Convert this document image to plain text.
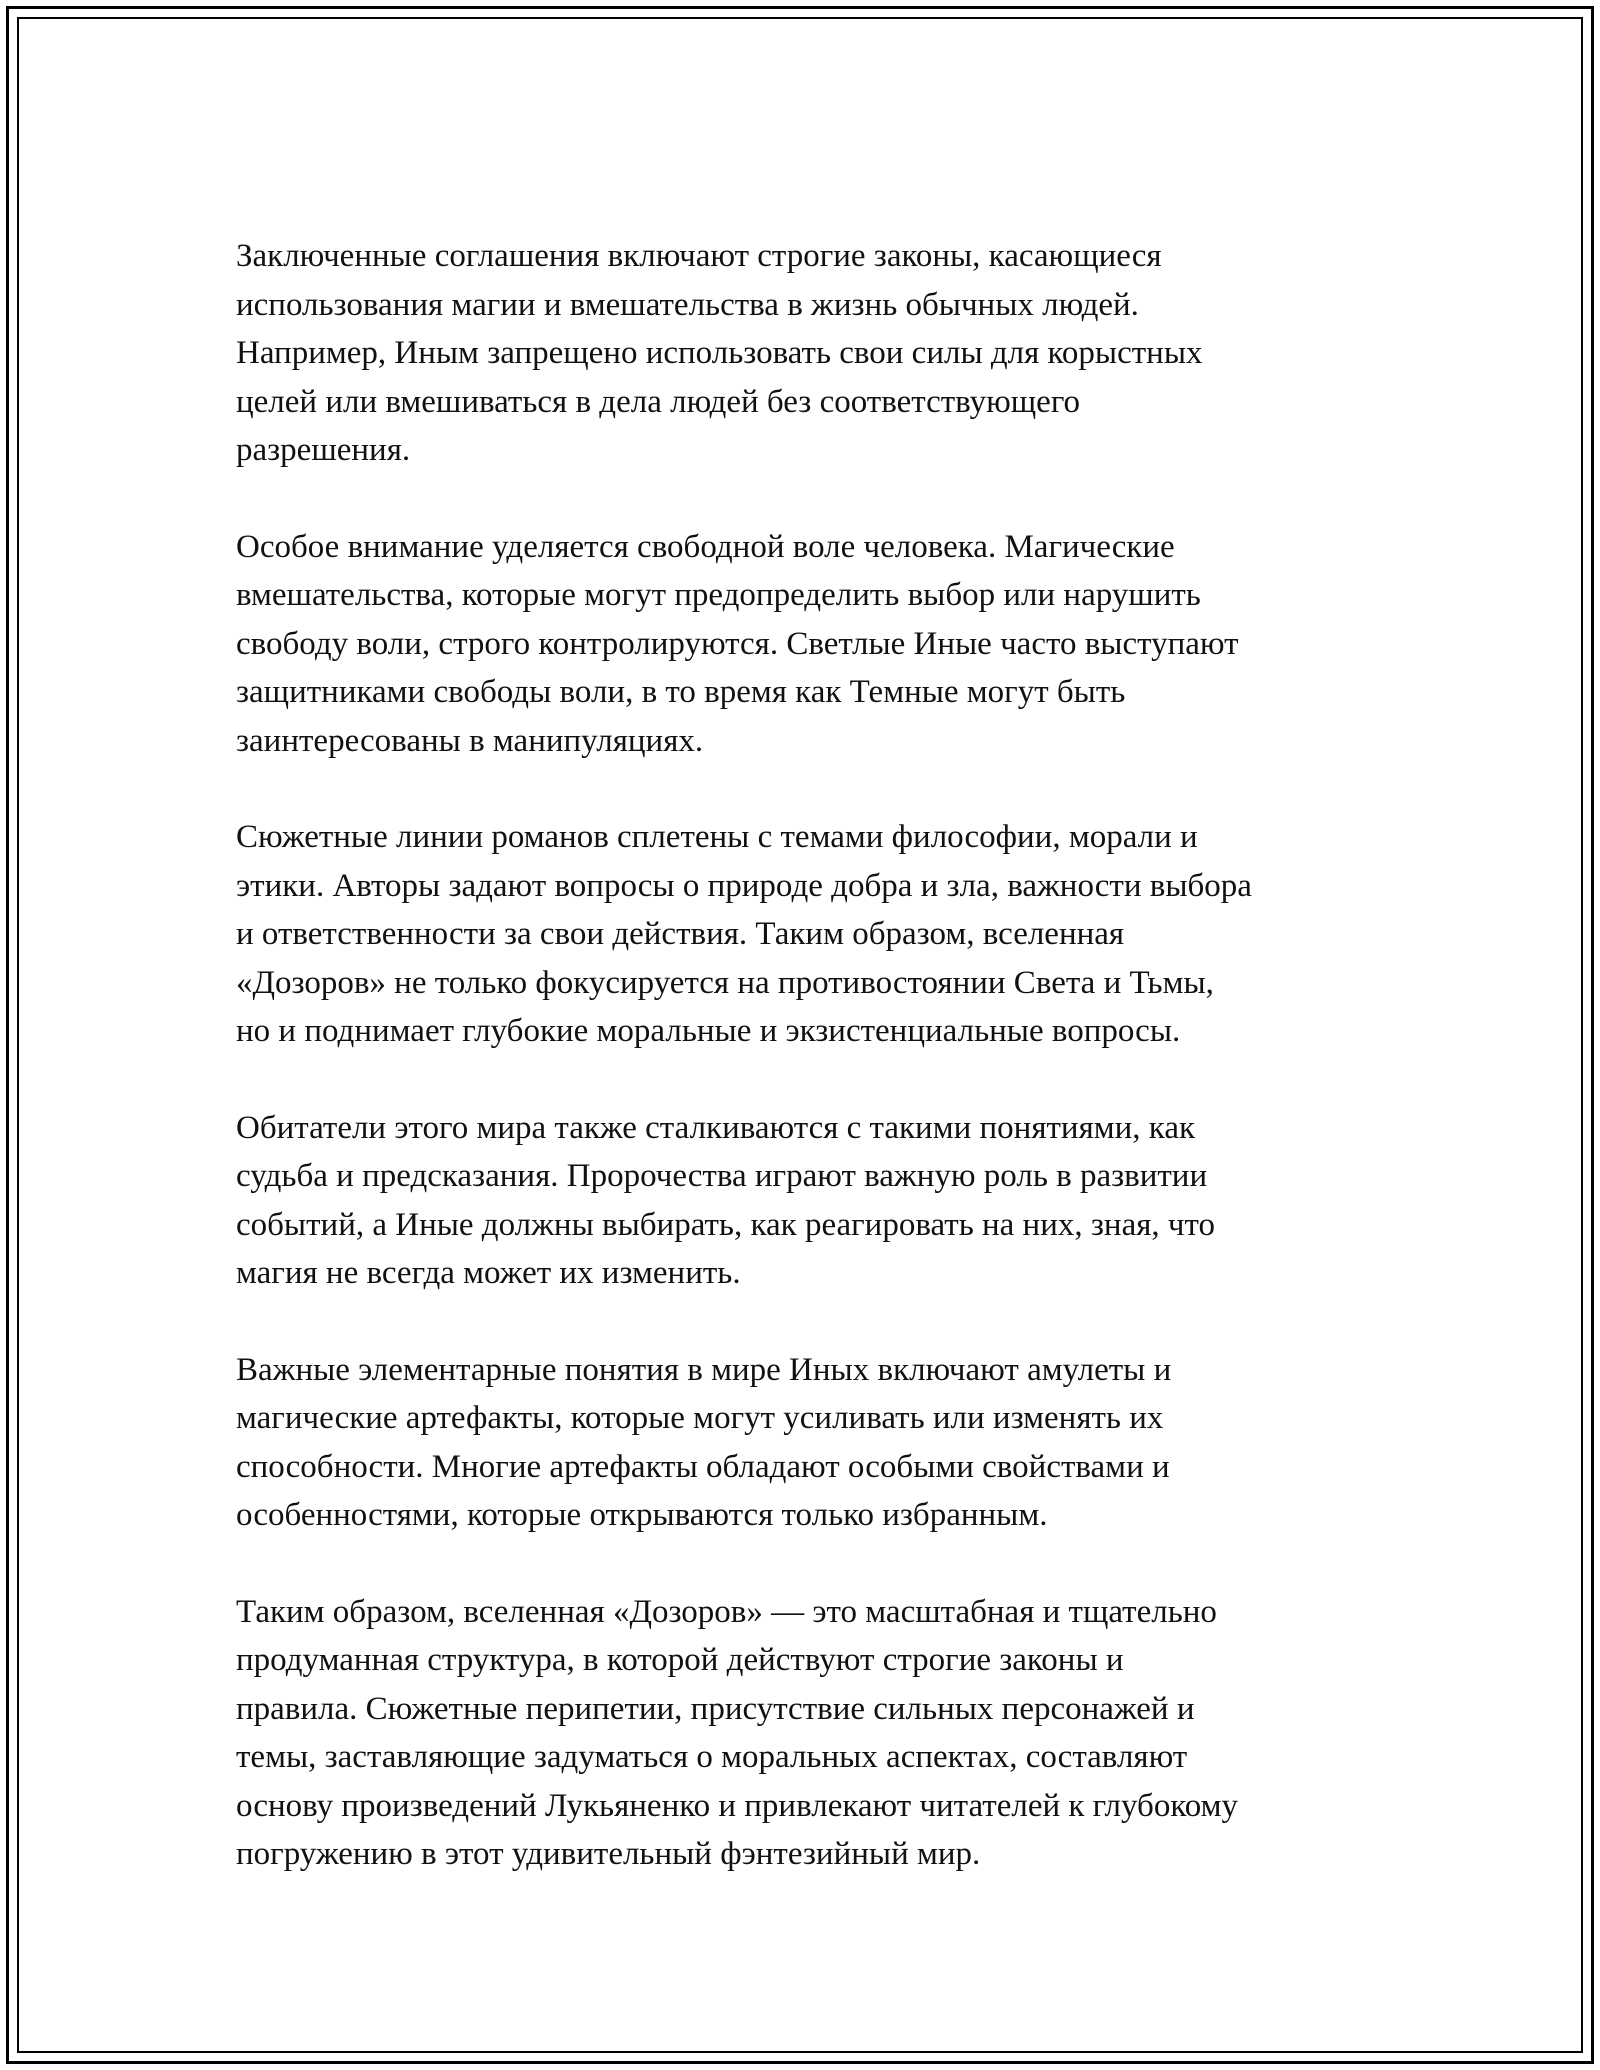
Заключенные соглашения включают строгие законы, касающиеся
использования магии и вмешательства в жизнь обычных людей.
Например, Иным запрещено использовать свои силы для корыстных
целей или вмешиваться в дела людей без соответствующего
разрешения.

Особое внимание уделяется свободной воле человека. Магические
вмешательства, которые могут предопределить выбор или нарушить
свободу воли, строго контролируются. Светлые Иные часто выступают
защитниками свободы воли, в то время как Темные могут быть
заинтересованы в манипуляциях.

Сюжетные линии романов сплетены с темами философии, морали и
этики. Авторы задают вопросы о природе добра и зла, важности выбора
и ответственности за свои действия. Таким образом, вселенная
«Дозоров» не только фокусируется на противостоянии Света и Тьмы,
но и поднимает глубокие моральные и экзистенциальные вопросы.

Обитатели этого мира также сталкиваются с такими понятиями, как
судьба и предсказания. Пророчества играют важную роль в развитии
событий, а Иные должны выбирать, как реагировать на них, зная, что
магия не всегда может их изменить.

Важные элементарные понятия в мире Иных включают амулеты и
магические артефакты, которые могут усиливать или изменять их
способности. Многие артефакты обладают особыми свойствами и
особенностями, которые открываются только избранным.

Таким образом, вселенная «Дозоров» — это масштабная и тщательно
продуманная структура, в которой действуют строгие законы и
правила. Сюжетные перипетии, присутствие сильных персонажей и
темы, заставляющие задуматься о моральных аспектах, составляют
основу произведений Лукьяненко и привлекают читателей к глубокому
погружению в этот удивительный фэнтезийный мир.
